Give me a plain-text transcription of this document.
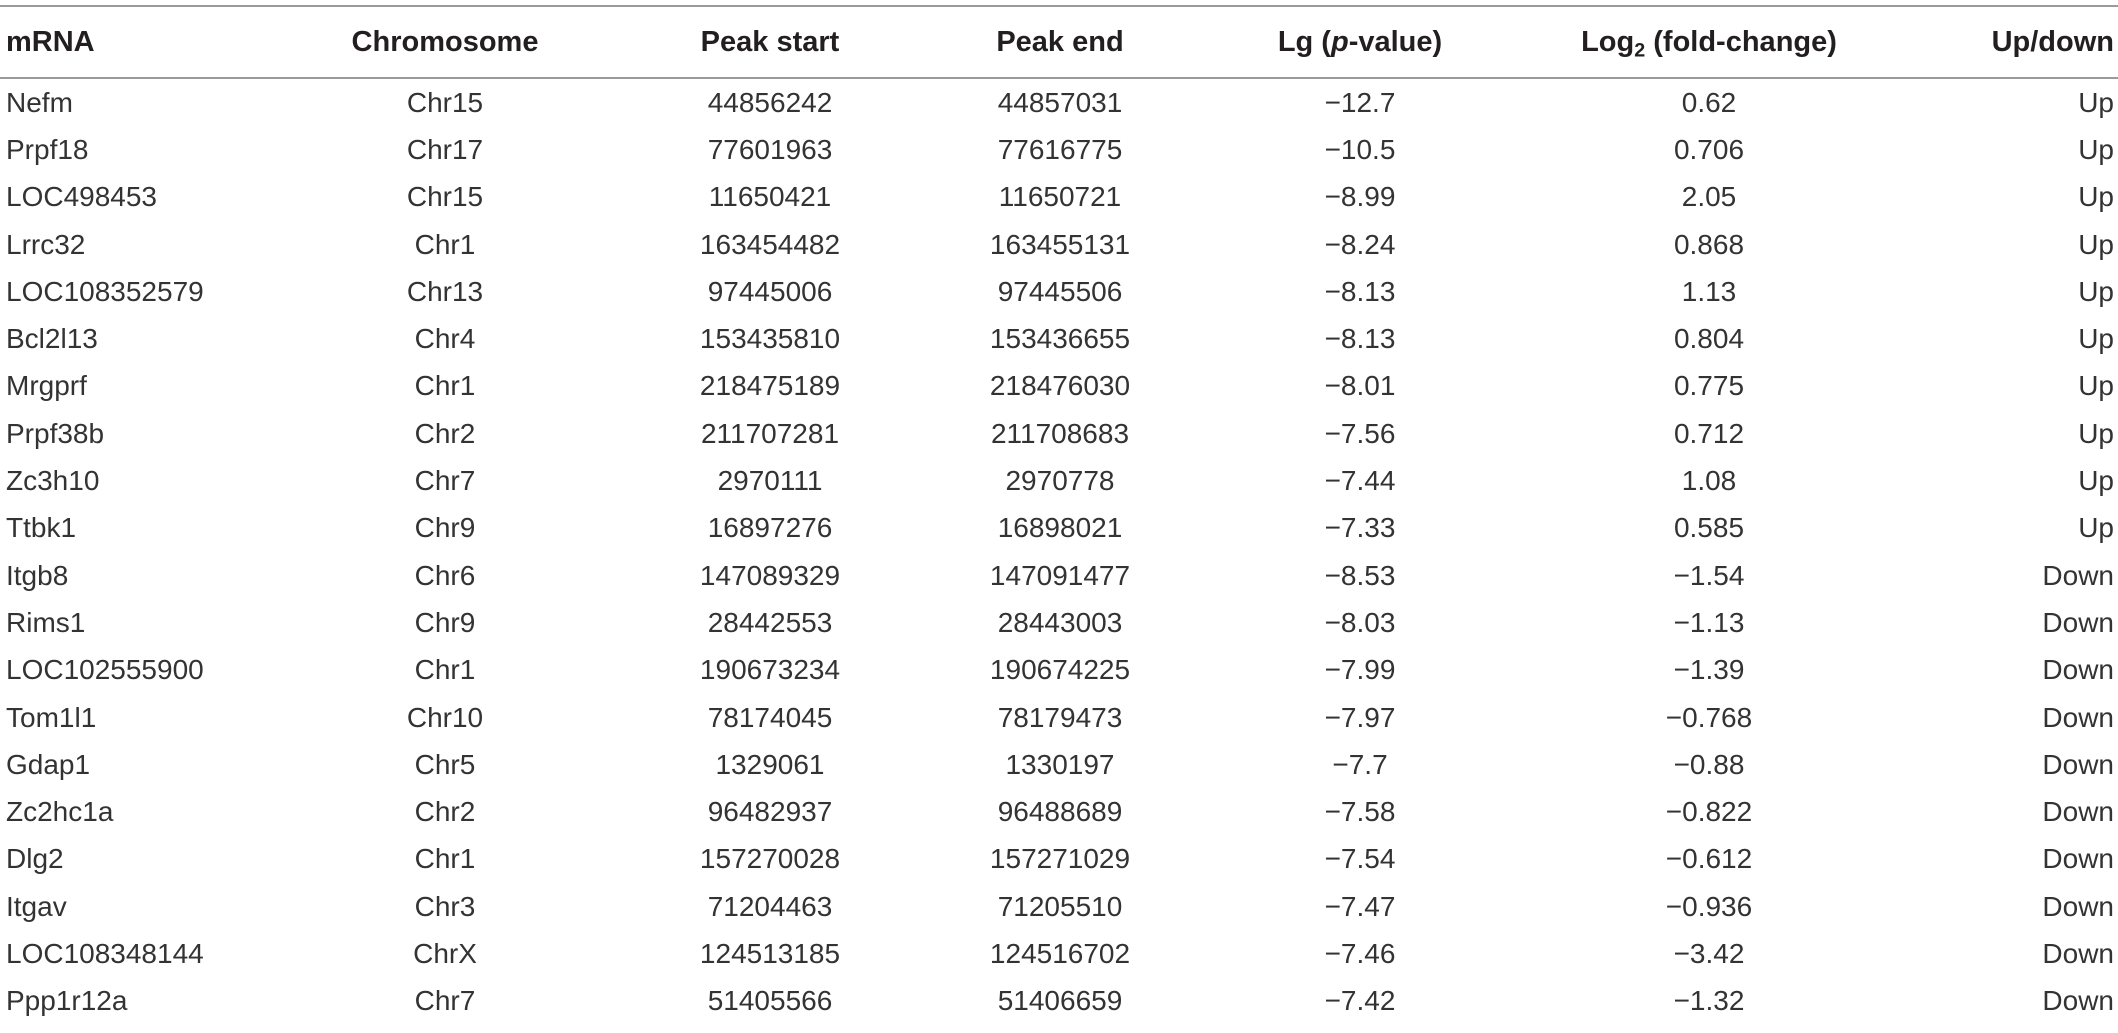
mRNA	Chromosome	Peak start	Peak end	Lg (p-value)	Log$_2$ (fold-change)	Up/down
Nefm	Chr15	44856242	44857031	−12.7	0.62	Up
Prpf18	Chr17	77601963	77616775	−10.5	0.706	Up
LOC498453	Chr15	11650421	11650721	−8.99	2.05	Up
Lrrc32	Chr1	163454482	163455131	−8.24	0.868	Up
LOC108352579	Chr13	97445006	97445506	−8.13	1.13	Up
Bcl2l13	Chr4	153435810	153436655	−8.13	0.804	Up
Mrgprf	Chr1	218475189	218476030	−8.01	0.775	Up
Prpf38b	Chr2	211707281	211708683	−7.56	0.712	Up
Zc3h10	Chr7	2970111	2970778	−7.44	1.08	Up
Ttbk1	Chr9	16897276	16898021	−7.33	0.585	Up
Itgb8	Chr6	147089329	147091477	−8.53	−1.54	Down
Rims1	Chr9	28442553	28443003	−8.03	−1.13	Down
LOC102555900	Chr1	190673234	190674225	−7.99	−1.39	Down
Tom1l1	Chr10	78174045	78179473	−7.97	−0.768	Down
Gdap1	Chr5	1329061	1330197	−7.7	−0.88	Down
Zc2hc1a	Chr2	96482937	96488689	−7.58	−0.822	Down
Dlg2	Chr1	157270028	157271029	−7.54	−0.612	Down
Itgav	Chr3	71204463	71205510	−7.47	−0.936	Down
LOC108348144	ChrX	124513185	124516702	−7.46	−3.42	Down
Ppp1r12a	Chr7	51405566	51406659	−7.42	−1.32	Down
